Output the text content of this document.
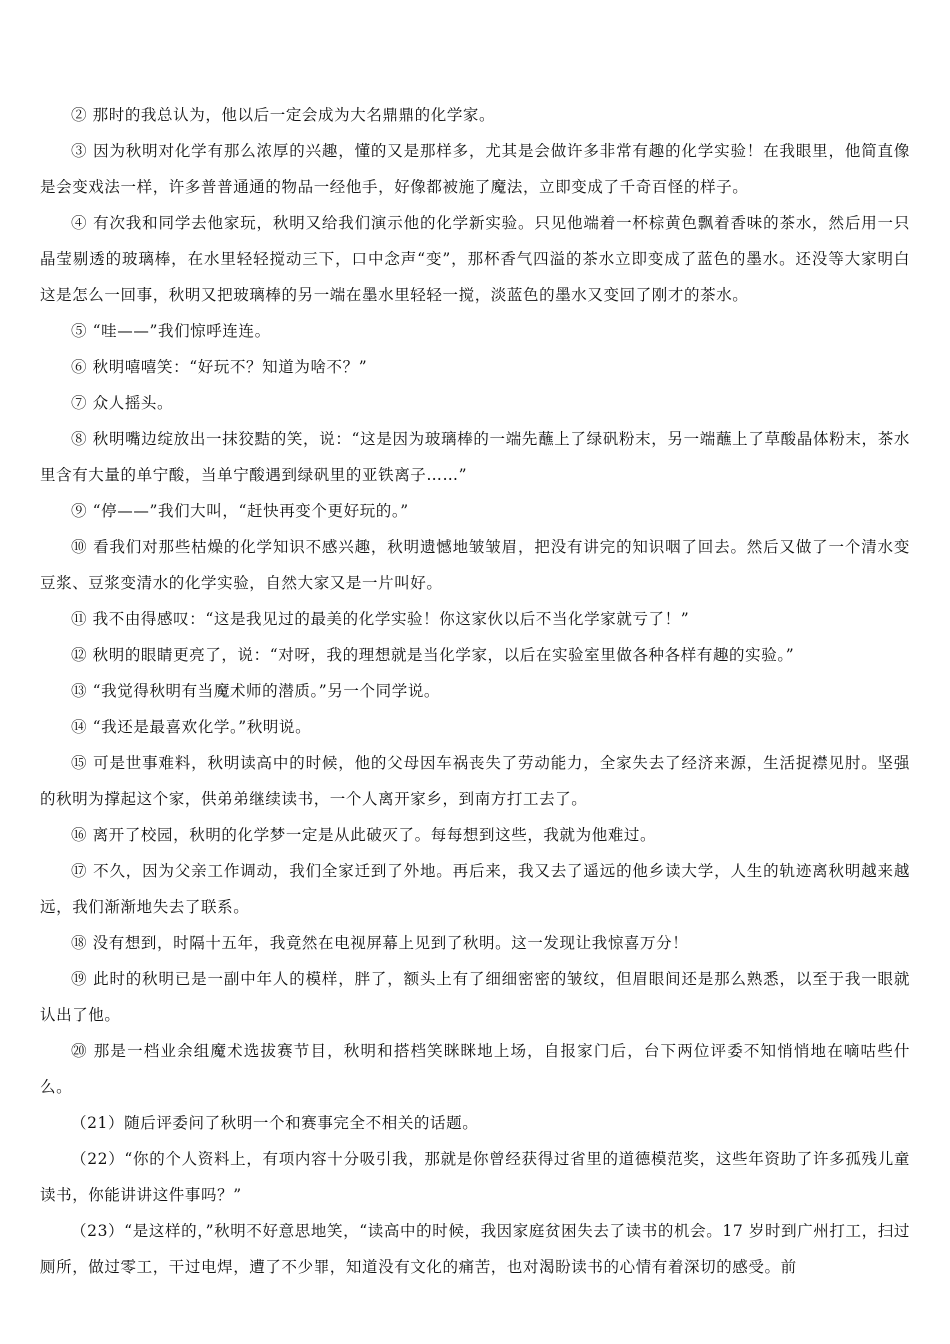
② 那时的我总认为，他以后一定会成为大名鼎鼎的化学家。

③ 因为秋明对化学有那么浓厚的兴趣，懂的又是那样多，尤其是会做许多非常有趣的化学实验！在我眼里，他简直像是会变戏法一样，许多普普通通的物品一经他手，好像都被施了魔法，立即变成了千奇百怪的样子。

④ 有次我和同学去他家玩，秋明又给我们演示他的化学新实验。只见他端着一杯棕黄色飘着香味的茶水，然后用一只晶莹剔透的玻璃棒，在水里轻轻搅动三下，口中念声“变”，那杯香气四溢的茶水立即变成了蓝色的墨水。还没等大家明白这是怎么一回事，秋明又把玻璃棒的另一端在墨水里轻轻一搅，淡蓝色的墨水又变回了刚才的茶水。

⑤ “哇——”我们惊呼连连。

⑥ 秋明嘻嘻笑：“好玩不？知道为啥不？”

⑦ 众人摇头。

⑧ 秋明嘴边绽放出一抹狡黠的笑，说：“这是因为玻璃棒的一端先蘸上了绿矾粉末，另一端蘸上了草酸晶体粉末，茶水里含有大量的单宁酸，当单宁酸遇到绿矾里的亚铁离子……”

⑨ “停——”我们大叫，“赶快再变个更好玩的。”

⑩ 看我们对那些枯燥的化学知识不感兴趣，秋明遗憾地皱皱眉，把没有讲完的知识咽了回去。然后又做了一个清水变豆浆、豆浆变清水的化学实验，自然大家又是一片叫好。

⑪ 我不由得感叹：“这是我见过的最美的化学实验！你这家伙以后不当化学家就亏了！”

⑫ 秋明的眼睛更亮了，说：“对呀，我的理想就是当化学家，以后在实验室里做各种各样有趣的实验。”

⑬ “我觉得秋明有当魔术师的潜质。”另一个同学说。

⑭ “我还是最喜欢化学。”秋明说。

⑮ 可是世事难料，秋明读高中的时候，他的父母因车祸丧失了劳动能力，全家失去了经济来源，生活捉襟见肘。坚强的秋明为撑起这个家，供弟弟继续读书，一个人离开家乡，到南方打工去了。

⑯ 离开了校园，秋明的化学梦一定是从此破灭了。每每想到这些，我就为他难过。

⑰ 不久，因为父亲工作调动，我们全家迁到了外地。再后来，我又去了遥远的他乡读大学，人生的轨迹离秋明越来越远，我们渐渐地失去了联系。

⑱ 没有想到，时隔十五年，我竟然在电视屏幕上见到了秋明。这一发现让我惊喜万分！

⑲ 此时的秋明已是一副中年人的模样，胖了，额头上有了细细密密的皱纹，但眉眼间还是那么熟悉，以至于我一眼就认出了他。

⑳ 那是一档业余组魔术选拔赛节目，秋明和搭档笑眯眯地上场，自报家门后，台下两位评委不知悄悄地在嘀咕些什么。

（21）随后评委问了秋明一个和赛事完全不相关的话题。

（22）“你的个人资料上，有项内容十分吸引我，那就是你曾经获得过省里的道德模范奖，这些年资助了许多孤残儿童读书，你能讲讲这件事吗？”

（23）“是这样的，”秋明不好意思地笑，“读高中的时候，我因家庭贫困失去了读书的机会。17 岁时到广州打工，扫过厕所，做过零工，干过电焊，遭了不少罪，知道没有文化的痛苦，也对渴盼读书的心情有着深切的感受。前
